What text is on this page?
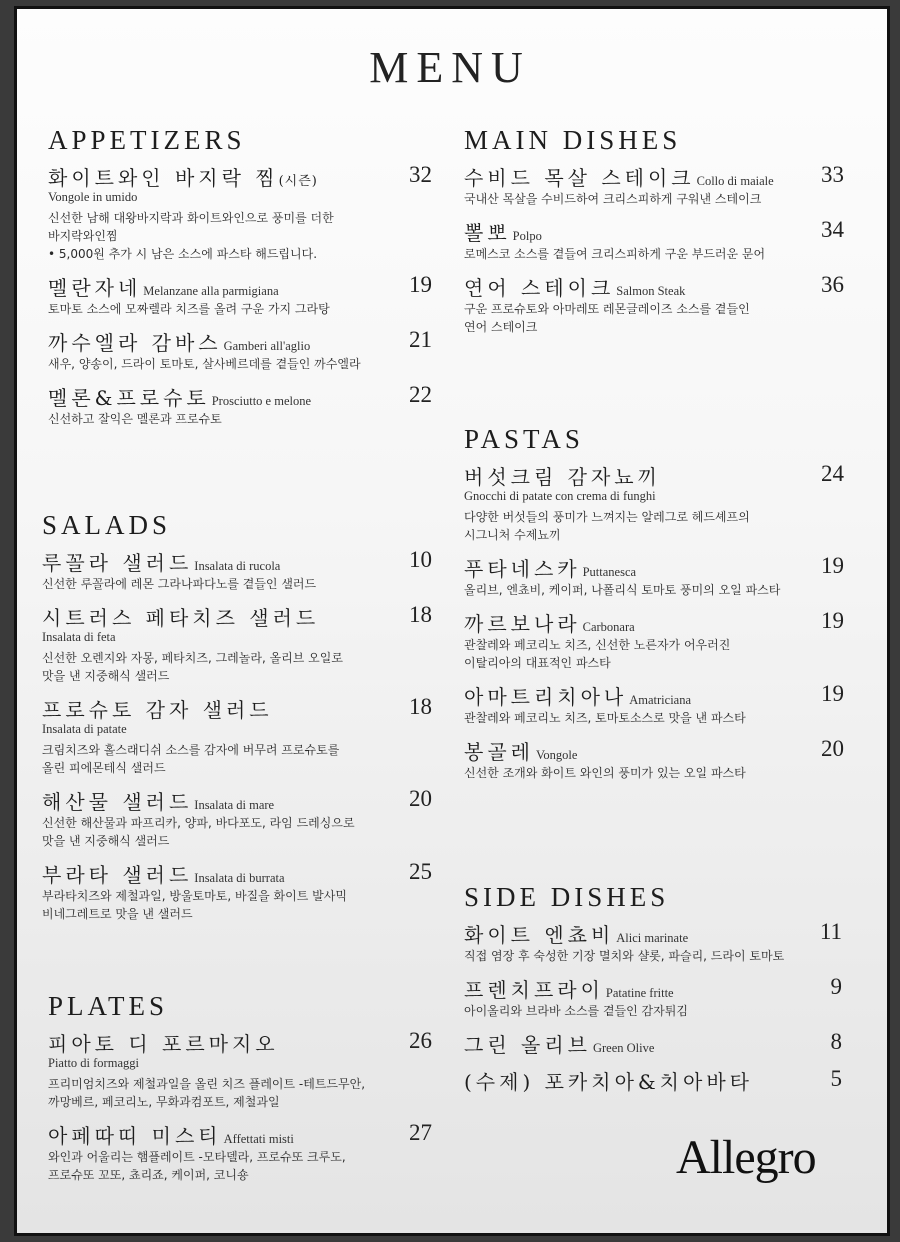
MENU
APPETIZERS
화이트와인 바지락 찜(시즌)	32
Vongole in umido

신선한 남해 대왕바지락과 화이트와인으로 풍미를 더한

바지락와인찜

• 5,000원 추가 시 남은 소스에 파스타 해드립니다.

멜란자네 Melanzane alla parmigiana	19

토마토 소스에 모짜렐라 치즈를 올려 구운 가지 그라탕

까수엘라 감바스 Gamberi all'aglio	21

새우, 양송이, 드라이 토마토, 살사베르데를 곁들인 까수엘라

멜론&프로슈토 Prosciutto e melone	22

신선하고 잘익은 멜론과 프로슈토

SALADS
루꼴라 샐러드 Insalata di rucola	10

신선한 루꼴라에 레몬 그라나파다노를 곁들인 샐러드

시트러스 페타치즈 샐러드	18
Insalata di feta

신선한 오렌지와 자몽, 페타치즈, 그레놀라, 올리브 오일로

맛을 낸 지중해식 샐러드

프로슈토 감자 샐러드	18
Insalata di patate

크림치즈와 홀스래디쉬 소스를 감자에 버무려 프로슈토를

올린 피에몬테식 샐러드

해산물 샐러드 Insalata di mare	20

신선한 해산물과 파프리카, 양파, 바다포도, 라임 드레싱으로

맛을 낸 지중해식 샐러드

부라타 샐러드 Insalata di burrata	25

부라타치즈와 제철과일, 방울토마토, 바질을 화이트 발사믹

비네그레트로 맛을 낸 샐러드

PLATES
피아토 디 포르마지오	26
Piatto di formaggi

프리미엄치즈와 제철과일을 올린 치즈 플레이트 -테트드무안,

까망베르, 페코리노, 무화과컴포트, 제철과일

아페따띠 미스티 Affettati misti	27

와인과 어울리는 햄플레이트 -모타델라, 프로슈또 크루도,

프로슈또 꼬또, 쵸리죠, 케이퍼, 코니숑

MAIN DISHES
수비드 목살 스테이크 Collo di maiale 33

국내산 목살을 수비드하여 크리스피하게 구워낸 스테이크

뽈뽀 Polpo	34

로메스코 소스를 곁들여 크리스피하게 구운 부드러운 문어

연어 스테이크 Salmon Steak	36

구운 프로슈토와 아마레또 레몬글레이즈 소스를 곁들인

연어 스테이크

PASTAS
버섯크림 감자뇨끼	24
Gnocchi di patate con crema di funghi

다양한 버섯들의 풍미가 느껴지는 알레그로 헤드셰프의

시그니처 수제뇨끼

푸타네스카 Puttanesca	19

올리브, 엔쵸비, 케이퍼, 나폴리식 토마토 풍미의 오일 파스타

까르보나라 Carbonara	19

관찰레와 페코리노 치즈, 신선한 노른자가 어우러진

이탈리아의 대표적인 파스타

아마트리치아나 Amatriciana	19

관찰레와 페코리노 치즈, 토마토소스로 맛을 낸 파스타

봉골레 Vongole	20

신선한 조개와 화이트 와인의 풍미가 있는 오일 파스타

SIDE DISHES
화이트 엔쵸비 Alici marinate	11

직접 염장 후 숙성한 기장 멸치와 샬롯, 파슬리, 드라이 토마토

프렌치프라이 Patatine fritte	9

아이올리와 브라바 소스를 곁들인 감자튀김

그린 올리브 Green Olive	8
(수제) 포카치아&치아바타	5
Allegro
